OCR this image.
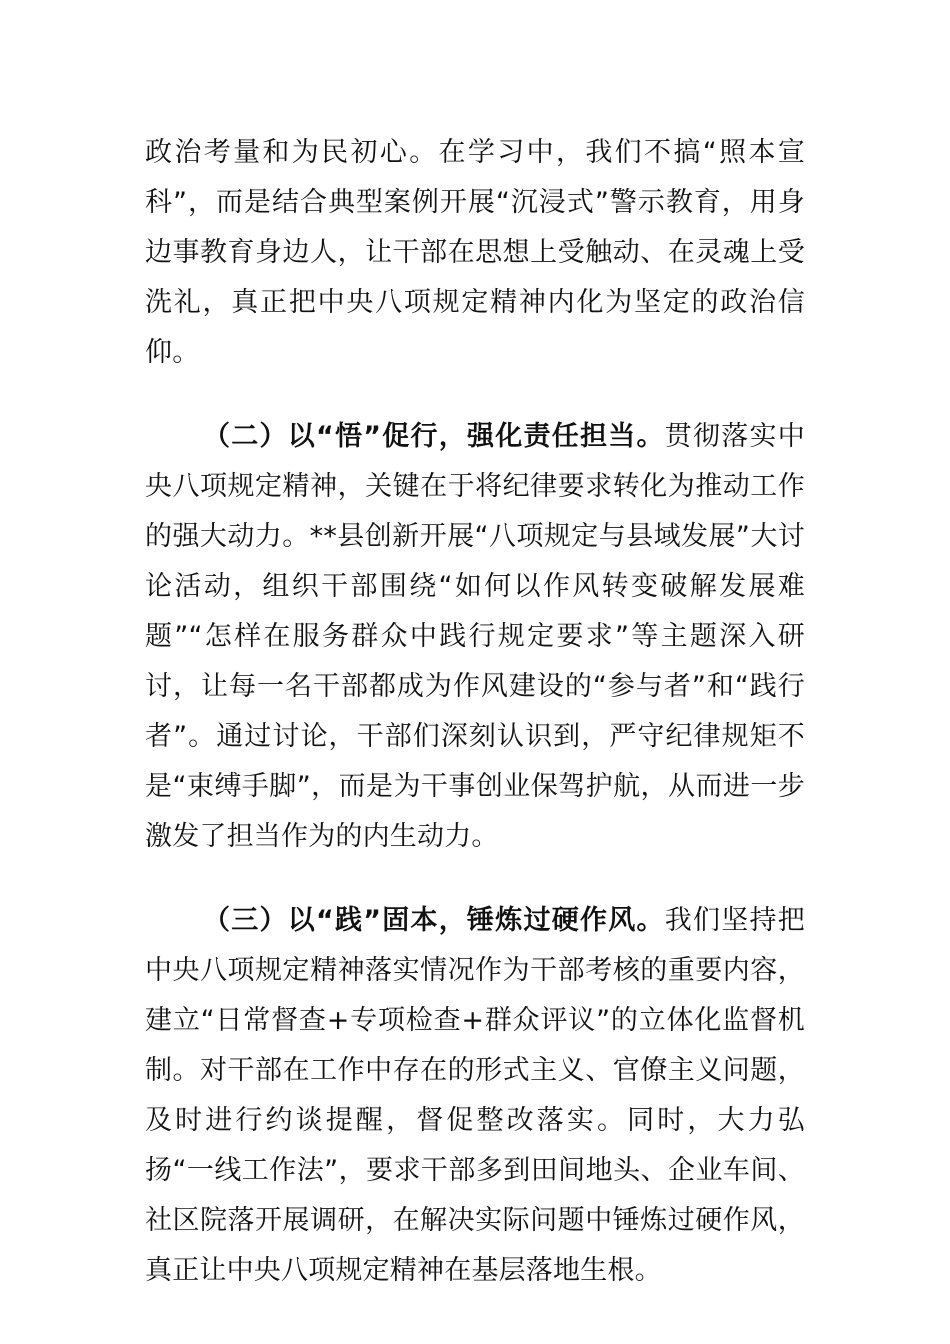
政治考量和为民初心。在学习中，我们不搞“照本宣科”，而是结合典型案例开展“沉浸式”警示教育，用身边事教育身边人，让干部在思想上受触动、在灵魂上受洗礼，真正把中央八项规定精神内化为坚定的政治信仰。

（二）以“悟”促行，强化责任担当。贯彻落实中央八项规定精神，关键在于将纪律要求转化为推动工作的强大动力。**县创新开展“八项规定与县域发展”大讨论活动，组织干部围绕“如何以作风转变破解发展难题”“怎样在服务群众中践行规定要求”等主题深入研讨，让每一名干部都成为作风建设的“参与者”和“践行者”。通过讨论，干部们深刻认识到，严守纪律规矩不是“束缚手脚”，而是为干事创业保驾护航，从而进一步激发了担当作为的内生动力。

（三）以“践”固本，锤炼过硬作风。我们坚持把中央八项规定精神落实情况作为干部考核的重要内容，建立“日常督查+专项检查+群众评议”的立体化监督机制。对干部在工作中存在的形式主义、官僚主义问题，及时进行约谈提醒，督促整改落实。同时，大力弘扬“一线工作法”，要求干部多到田间地头、企业车间、社区院落开展调研，在解决实际问题中锤炼过硬作风，真正让中央八项规定精神在基层落地生根。
